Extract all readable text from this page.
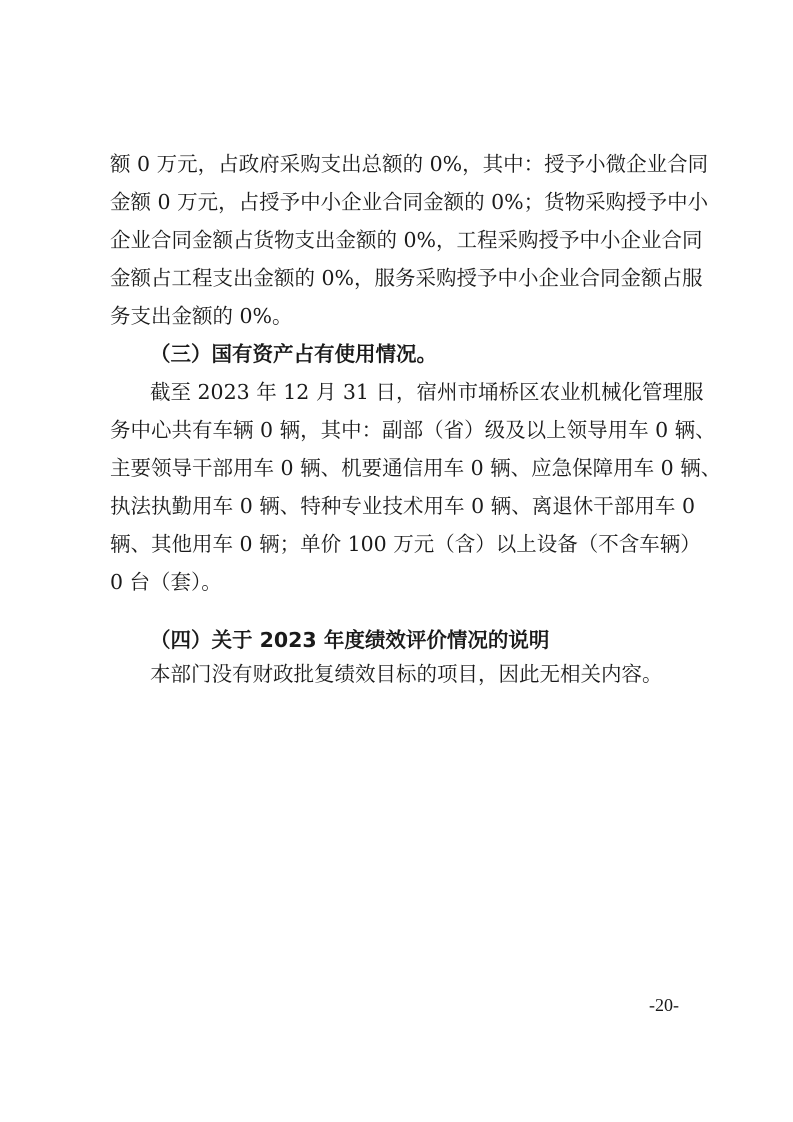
额 0 万元，占政府采购支出总额的 0%，其中：授予小微企业合同
金额 0 万元，占授予中小企业合同金额的 0%；货物采购授予中小
企业合同金额占货物支出金额的 0%，工程采购授予中小企业合同
金额占工程支出金额的 0%，服务采购授予中小企业合同金额占服
务支出金额的 0%。
（三）国有资产占有使用情况。
截至 2023 年 12 月 31 日，宿州市埇桥区农业机械化管理服
务中心共有车辆 0 辆，其中：副部（省）级及以上领导用车 0 辆、
主要领导干部用车 0 辆、机要通信用车 0 辆、应急保障用车 0 辆、
执法执勤用车 0 辆、特种专业技术用车 0 辆、离退休干部用车 0
辆、其他用车 0 辆；单价 100 万元（含）以上设备（不含车辆）
0 台（套）。
（四）关于 2023 年度绩效评价情况的说明
本部门没有财政批复绩效目标的项目，因此无相关内容。
-20-
